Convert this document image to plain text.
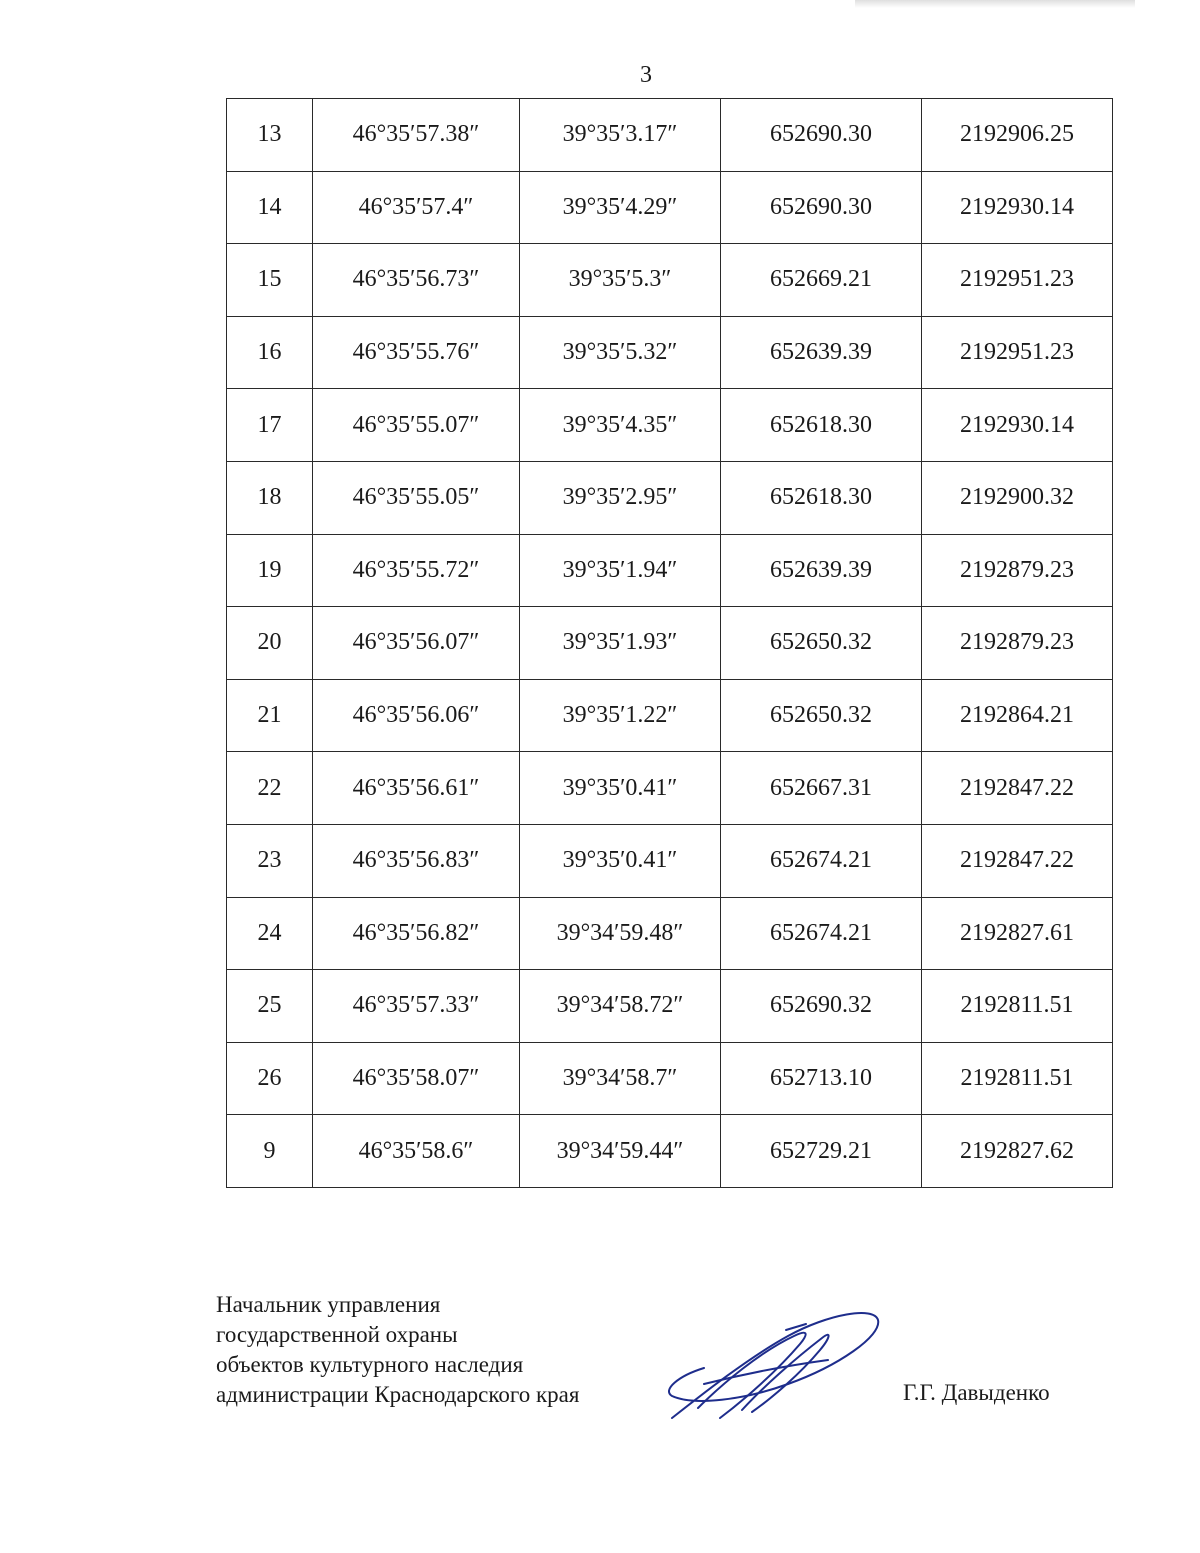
3
13	46°35′57.38″	39°35′3.17″	652690.30	2192906.25
14	46°35′57.4″	39°35′4.29″	652690.30	2192930.14
15	46°35′56.73″	39°35′5.3″	652669.21	2192951.23
16	46°35′55.76″	39°35′5.32″	652639.39	2192951.23
17	46°35′55.07″	39°35′4.35″	652618.30	2192930.14
18	46°35′55.05″	39°35′2.95″	652618.30	2192900.32
19	46°35′55.72″	39°35′1.94″	652639.39	2192879.23
20	46°35′56.07″	39°35′1.93″	652650.32	2192879.23
21	46°35′56.06″	39°35′1.22″	652650.32	2192864.21
22	46°35′56.61″	39°35′0.41″	652667.31	2192847.22
23	46°35′56.83″	39°35′0.41″	652674.21	2192847.22
24	46°35′56.82″	39°34′59.48″	652674.21	2192827.61
25	46°35′57.33″	39°34′58.72″	652690.32	2192811.51
26	46°35′58.07″	39°34′58.7″	652713.10	2192811.51
9	46°35′58.6″	39°34′59.44″	652729.21	2192827.62
Начальник управления
государственной охраны
объектов культурного наследия
администрации Краснодарского края	Г.Г. Давыденко
